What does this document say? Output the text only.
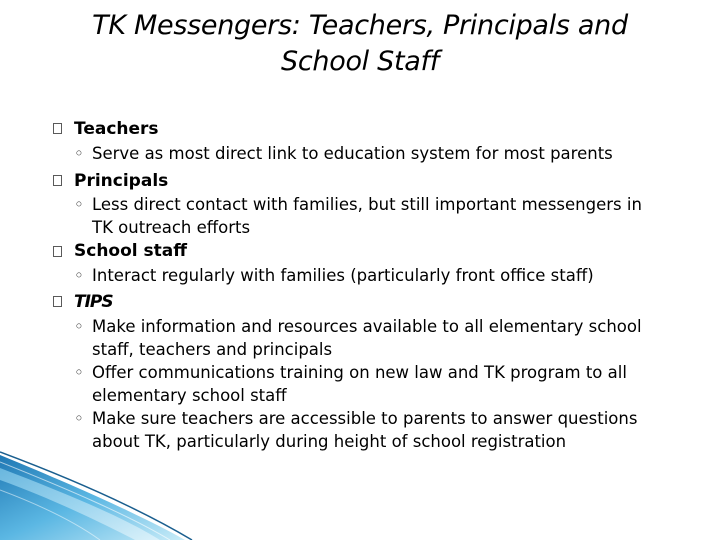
TK Messengers: Teachers, Principals and
School Staff
Teachers
◦ Serve as most direct link to education system for most parents
Principals
◦ Less direct contact with families, but still important messengers in
TK outreach efforts
School staff
◦ Interact regularly with families (particularly front office staff)
TIPS
◦ Make information and resources available to all elementary school
staff, teachers and principals
◦ Offer communications training on new law and TK program to all
elementary school staff
◦ Make sure teachers are accessible to parents to answer questions
about TK, particularly during height of school registration
